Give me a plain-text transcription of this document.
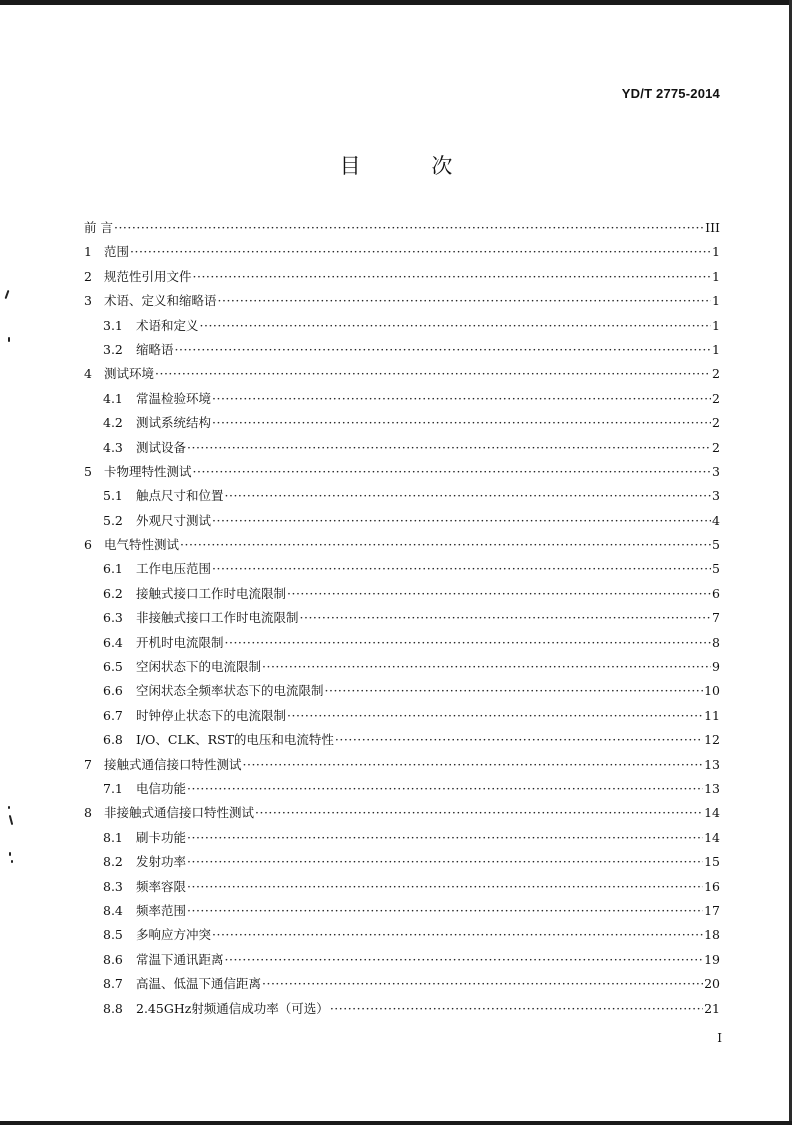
YD/T 2775-2014
目 次
前 言 ·····	III
1 范围 ·····	1
2 规范性引用文件 ·····	1
3 术语、定义和缩略语 ·····	1
3.1	术语和定义 ·····	1
3.2	缩略语 ·····	1
4 测试环境 ·····	2
4.1	常温检验环境 ·····	2
4.2	测试系统结构 ·····	2
4.3	测试设备 ·····	2
5 卡物理特性测试 ·····	3
5.1	触点尺寸和位置 ·····	3
5.2	外观尺寸测试 ·····	4
6 电气特性测试 ·····	5
6.1	工作电压范围 ·····	5
6.2	接触式接口工作时电流限制 ·····	6
6.3	非接触式接口工作时电流限制 ·····	7
6.4	开机时电流限制 ·····	8
6.5	空闲状态下的电流限制 ·····	9
6.6	空闲状态全频率状态下的电流限制 ·····	10
6.7	时钟停止状态下的电流限制 ·····	11
6.8	I/O、CLK、RST的电压和电流特性 ·····	12
7 接触式通信接口特性测试 ·····	13
7.1	电信功能 ·····	13
8 非接触式通信接口特性测试 ·····	14
8.1	刷卡功能 ·····	14
8.2	发射功率 ·····	15
8.3	频率容限 ·····	16
8.4	频率范围 ·····	17
8.5	多响应方冲突 ·····	18
8.6	常温下通讯距离 ·····	19
8.7	高温、低温下通信距离 ·····	20
8.8	2.45GHz射频通信成功率（可选） ·····	21
I
